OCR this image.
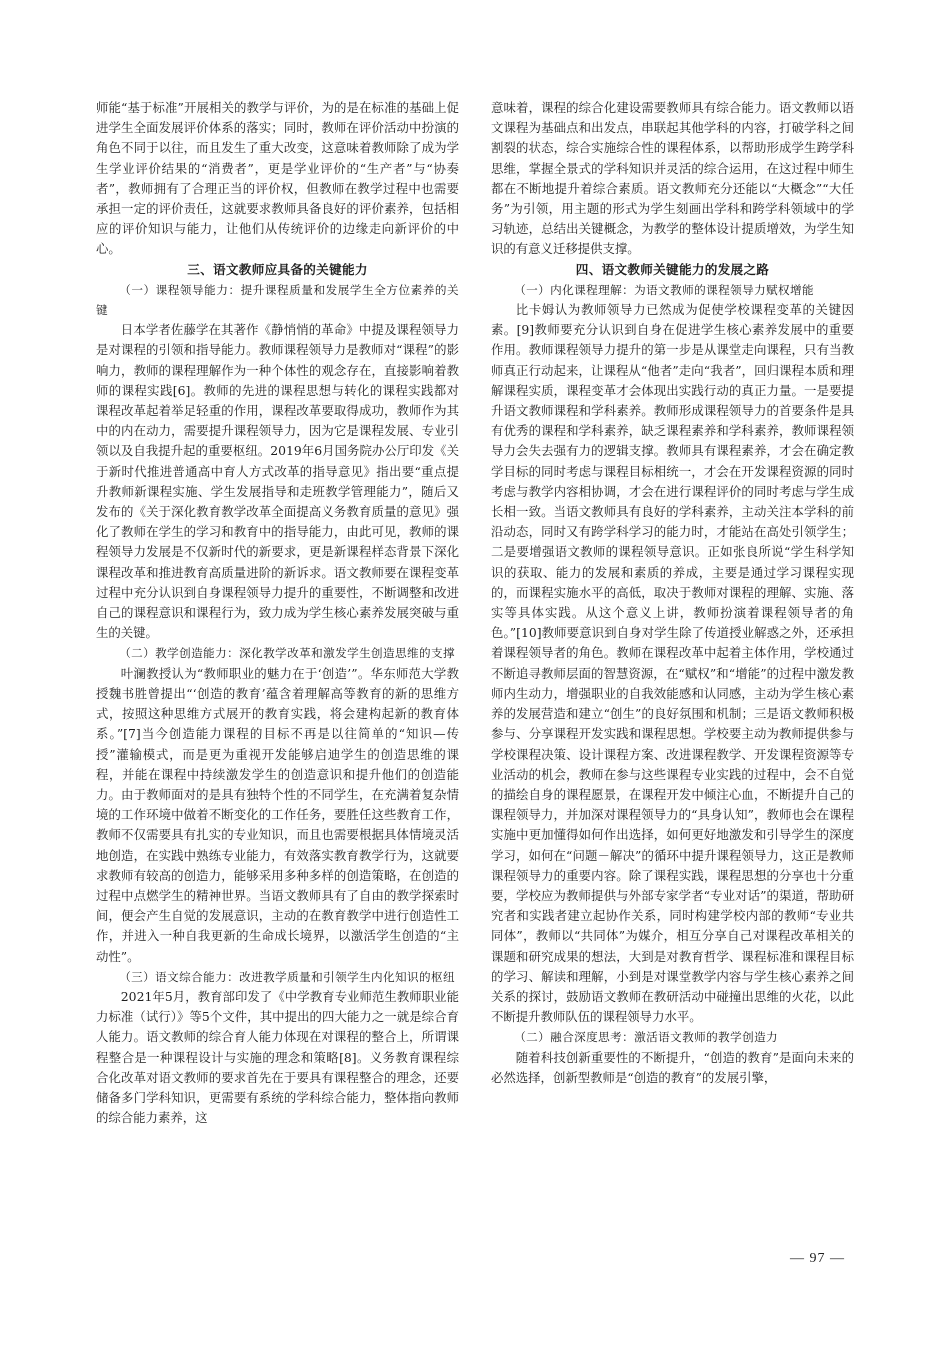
师能“基于标准”开展相关的教学与评价，为的是在标准的基础上促进学生全面发展评价体系的落实；同时，教师在评价活动中扮演的角色不同于以往，而且发生了重大改变，这意味着教师除了成为学生学业评价结果的“消费者”，更是学业评价的“生产者”与“协奏者”，教师拥有了合理正当的评价权，但教师在教学过程中也需要承担一定的评价责任，这就要求教师具备良好的评价素养，包括相应的评价知识与能力，让他们从传统评价的边缘走向新评价的中心。

三、语文教师应具备的关键能力
（一）课程领导能力：提升课程质量和发展学生全方位素养的关键

日本学者佐藤学在其著作《静悄悄的革命》中提及课程领导力是对课程的引领和指导能力。教师课程领导力是教师对“课程”的影响力，教师的课程理解作为一种个体性的观念存在，直接影响着教师的课程实践[6]。教师的先进的课程思想与转化的课程实践都对课程改革起着举足轻重的作用，课程改革要取得成功，教师作为其中的内在动力，需要提升课程领导力，因为它是课程发展、专业引领以及自我提升起的重要枢纽。2019年6月国务院办公厅印发《关于新时代推进普通高中育人方式改革的指导意见》指出要“重点提升教师新课程实施、学生发展指导和走班教学管理能力”，随后又发布的《关于深化教育教学改革全面提高义务教育质量的意见》强化了教师在学生的学习和教育中的指导能力，由此可见，教师的课程领导力发展是不仅新时代的新要求，更是新课程样态背景下深化课程改革和推进教育高质量进阶的新诉求。语文教师要在课程变革过程中充分认识到自身课程领导力提升的重要性，不断调整和改进自己的课程意识和课程行为，致力成为学生核心素养发展突破与重生的关键。

（二）教学创造能力：深化教学改革和激发学生创造思维的支撑

叶澜教授认为“教师职业的魅力在于‘创造’”。华东师范大学教授魏书胜曾提出“‘创造的教育’蕴含着理解高等教育的新的思维方式，按照这种思维方式展开的教育实践，将会建构起新的教育体系。”[7]当今创造能力课程的目标不再是以往简单的“知识—传授”灌输模式，而是更为重视开发能够启迪学生的创造思维的课程，并能在课程中持续激发学生的创造意识和提升他们的创造能力。由于教师面对的是具有独特个性的不同学生，在充满着复杂情境的工作环境中做着不断变化的工作任务，要胜任这些教育工作，教师不仅需要具有扎实的专业知识，而且也需要根据具体情境灵活地创造，在实践中熟练专业能力，有效落实教育教学行为，这就要求教师有较高的创造力，能够采用多种多样的创造策略，在创造的过程中点燃学生的精神世界。当语文教师具有了自由的教学探索时间，便会产生自觉的发展意识，主动的在教育教学中进行创造性工作，并进入一种自我更新的生命成长境界，以激活学生创造的“主动性”。

（三）语文综合能力：改进教学质量和引领学生内化知识的枢纽

2021年5月，教育部印发了《中学教育专业师范生教师职业能力标准（试行）》等5个文件，其中提出的四大能力之一就是综合育人能力。语文教师的综合育人能力体现在对课程的整合上，所谓课程整合是一种课程设计与实施的理念和策略[8]。义务教育课程综合化改革对语文教师的要求首先在于要具有课程整合的理念，还要储备多门学科知识，更需要有系统的学科综合能力，整体指向教师的综合能力素养，这

意味着，课程的综合化建设需要教师具有综合能力。语文教师以语文课程为基础点和出发点，串联起其他学科的内容，打破学科之间割裂的状态，综合实施综合性的课程体系，以帮助形成学生跨学科思维，掌握全景式的学科知识并灵活的综合运用，在这过程中师生都在不断地提升着综合素质。语文教师充分还能以“大概念”“大任务”为引领，用主题的形式为学生刻画出学科和跨学科领域中的学习轨迹，总结出关键概念，为教学的整体设计提质增效，为学生知识的有意义迁移提供支撑。

四、语文教师关键能力的发展之路
（一）内化课程理解：为语文教师的课程领导力赋权增能

比卡姆认为教师领导力已然成为促使学校课程变革的关键因素。[9]教师要充分认识到自身在促进学生核心素养发展中的重要作用。教师课程领导力提升的第一步是从课堂走向课程，只有当教师真正行动起来，让课程从“他者”走向“我者”，回归课程本质和理解课程实质，课程变革才会体现出实践行动的真正力量。一是要提升语文教师课程和学科素养。教师形成课程领导力的首要条件是具有优秀的课程和学科素养，缺乏课程素养和学科素养，教师课程领导力会失去强有力的逻辑支撑。教师具有课程素养，才会在确定教学目标的同时考虑与课程目标相统一，才会在开发课程资源的同时考虑与教学内容相协调，才会在进行课程评价的同时考虑与学生成长相一致。当语文教师具有良好的学科素养，主动关注本学科的前沿动态，同时又有跨学科学习的能力时，才能站在高处引领学生；二是要增强语文教师的课程领导意识。正如张良所说“学生科学知识的获取、能力的发展和素质的养成，主要是通过学习课程实现的，而课程实施水平的高低，取决于教师对课程的理解、实施、落实等具体实践。从这个意义上讲，教师扮演着课程领导者的角色。”[10]教师要意识到自身对学生除了传道授业解惑之外，还承担着课程领导者的角色。教师在课程改革中起着主体作用，学校通过不断追寻教师层面的智慧资源，在“赋权”和“增能”的过程中激发教师内生动力，增强职业的自我效能感和认同感，主动为学生核心素养的发展营造和建立“创生”的良好氛围和机制；三是语文教师积极参与、分享课程开发实践和课程思想。学校要主动为教师提供参与学校课程决策、设计课程方案、改进课程教学、开发课程资源等专业活动的机会，教师在参与这些课程专业实践的过程中，会不自觉的描绘自身的课程愿景，在课程开发中倾注心血，不断提升自己的课程领导力，并加深对课程领导力的“具身认知”，教师也会在课程实施中更加懂得如何作出选择，如何更好地激发和引导学生的深度学习，如何在“问题－解决”的循环中提升课程领导力，这正是教师课程领导力的重要内容。除了课程实践，课程思想的分享也十分重要，学校应为教师提供与外部专家学者“专业对话”的渠道，帮助研究者和实践者建立起协作关系，同时构建学校内部的教师“专业共同体”，教师以“共同体”为媒介，相互分享自己对课程改革相关的课题和研究成果的想法，大到是对教育哲学、课程标准和课程目标的学习、解读和理解，小到是对课堂教学内容与学生核心素养之间关系的探讨，鼓励语文教师在教研活动中碰撞出思维的火花，以此不断提升教师队伍的课程领导力水平。

（二）融合深度思考：激活语文教师的教学创造力

随着科技创新重要性的不断提升，“创造的教育”是面向未来的必然选择，创新型教师是“创造的教育”的发展引擎，

— 97 —
